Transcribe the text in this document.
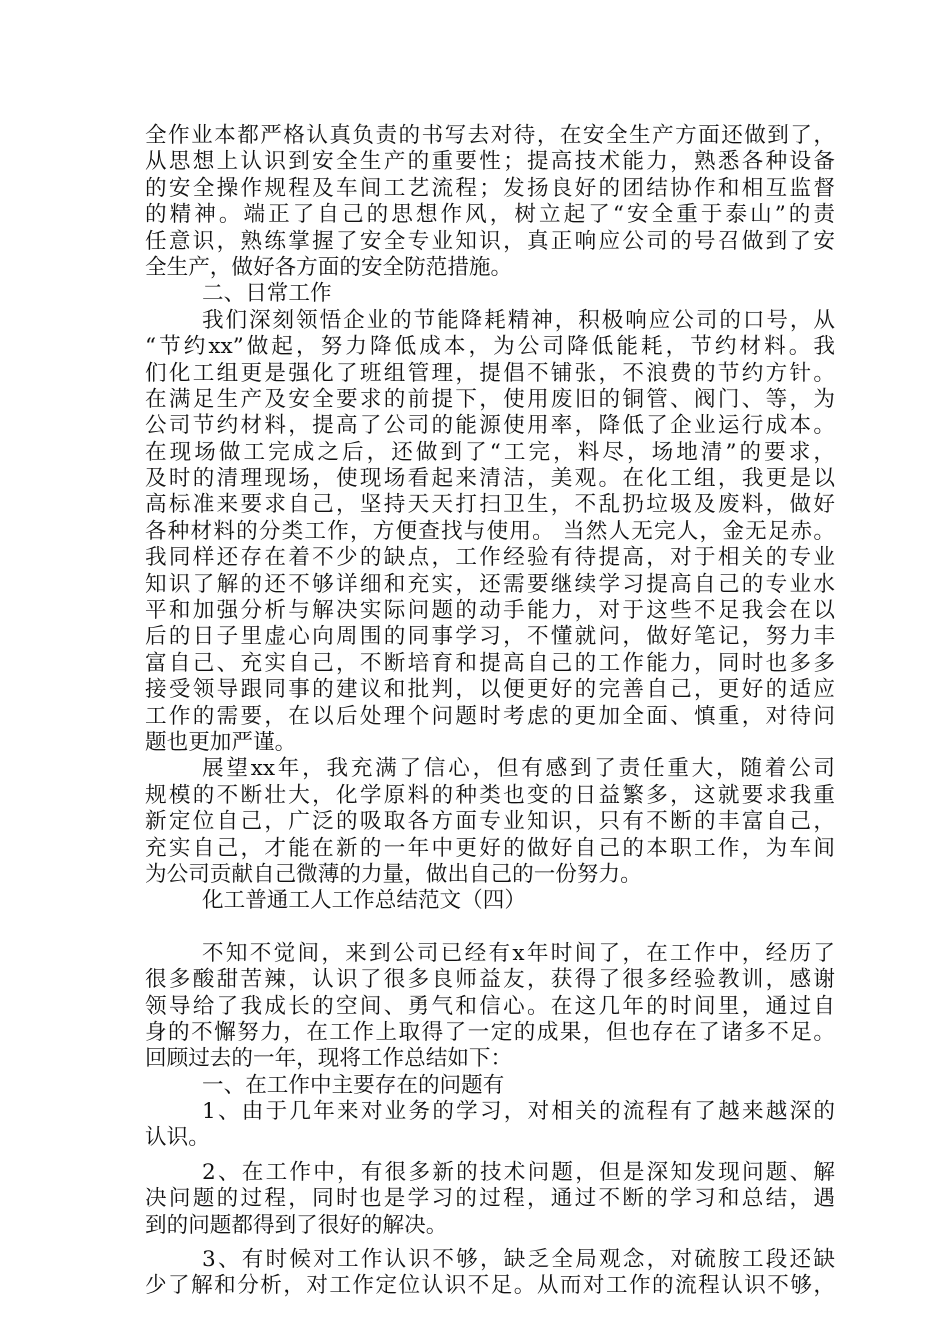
全作业本都严格认真负责的书写去对待，在安全生产方面还做到了，
从思想上认识到安全生产的重要性；提高技术能力，熟悉各种设备
的安全操作规程及车间工艺流程；发扬良好的团结协作和相互监督
的精神。端正了自己的思想作风，树立起了“安全重于泰山”的责
任意识，熟练掌握了安全专业知识，真正响应公司的号召做到了安
全生产，做好各方面的安全防范措施。
二、日常工作
我们深刻领悟企业的节能降耗精神，积极响应公司的口号，从
“节约xx”做起，努力降低成本，为公司降低能耗，节约材料。我
们化工组更是强化了班组管理，提倡不铺张，不浪费的节约方针。
在满足生产及安全要求的前提下，使用废旧的铜管、阀门、等，为
公司节约材料，提高了公司的能源使用率，降低了企业运行成本。
在现场做工完成之后，还做到了“工完，料尽，场地清”的要求，
及时的清理现场，使现场看起来清洁，美观。在化工组，我更是以
高标准来要求自己，坚持天天打扫卫生，不乱扔垃圾及废料，做好
各种材料的分类工作，方便查找与使用。 当然人无完人，金无足赤。
我同样还存在着不少的缺点，工作经验有待提高，对于相关的专业
知识了解的还不够详细和充实，还需要继续学习提高自己的专业水
平和加强分析与解决实际问题的动手能力，对于这些不足我会在以
后的日子里虚心向周围的同事学习，不懂就问，做好笔记，努力丰
富自己、充实自己，不断培育和提高自己的工作能力，同时也多多
接受领导跟同事的建议和批判，以便更好的完善自己，更好的适应
工作的需要，在以后处理个问题时考虑的更加全面、慎重，对待问
题也更加严谨。
展望xx年，我充满了信心，但有感到了责任重大，随着公司
规模的不断壮大，化学原料的种类也变的日益繁多，这就要求我重
新定位自己，广泛的吸取各方面专业知识，只有不断的丰富自己，
充实自己，才能在新的一年中更好的做好自己的本职工作，为车间
为公司贡献自己微薄的力量，做出自己的一份努力。
化工普通工人工作总结范文（四）
不知不觉间，来到公司已经有x年时间了，在工作中，经历了
很多酸甜苦辣，认识了很多良师益友，获得了很多经验教训，感谢
领导给了我成长的空间、勇气和信心。在这几年的时间里，通过自
身的不懈努力，在工作上取得了一定的成果，但也存在了诸多不足。
回顾过去的一年，现将工作总结如下：
一、在工作中主要存在的问题有
1、由于几年来对业务的学习，对相关的流程有了越来越深的
认识。
2、在工作中，有很多新的技术问题，但是深知发现问题、解
决问题的过程，同时也是学习的过程，通过不断的学习和总结，遇
到的问题都得到了很好的解决。
3、有时候对工作认识不够，缺乏全局观念，对硫胺工段还缺
少了解和分析，对工作定位认识不足。从而对工作的流程认识不够，
